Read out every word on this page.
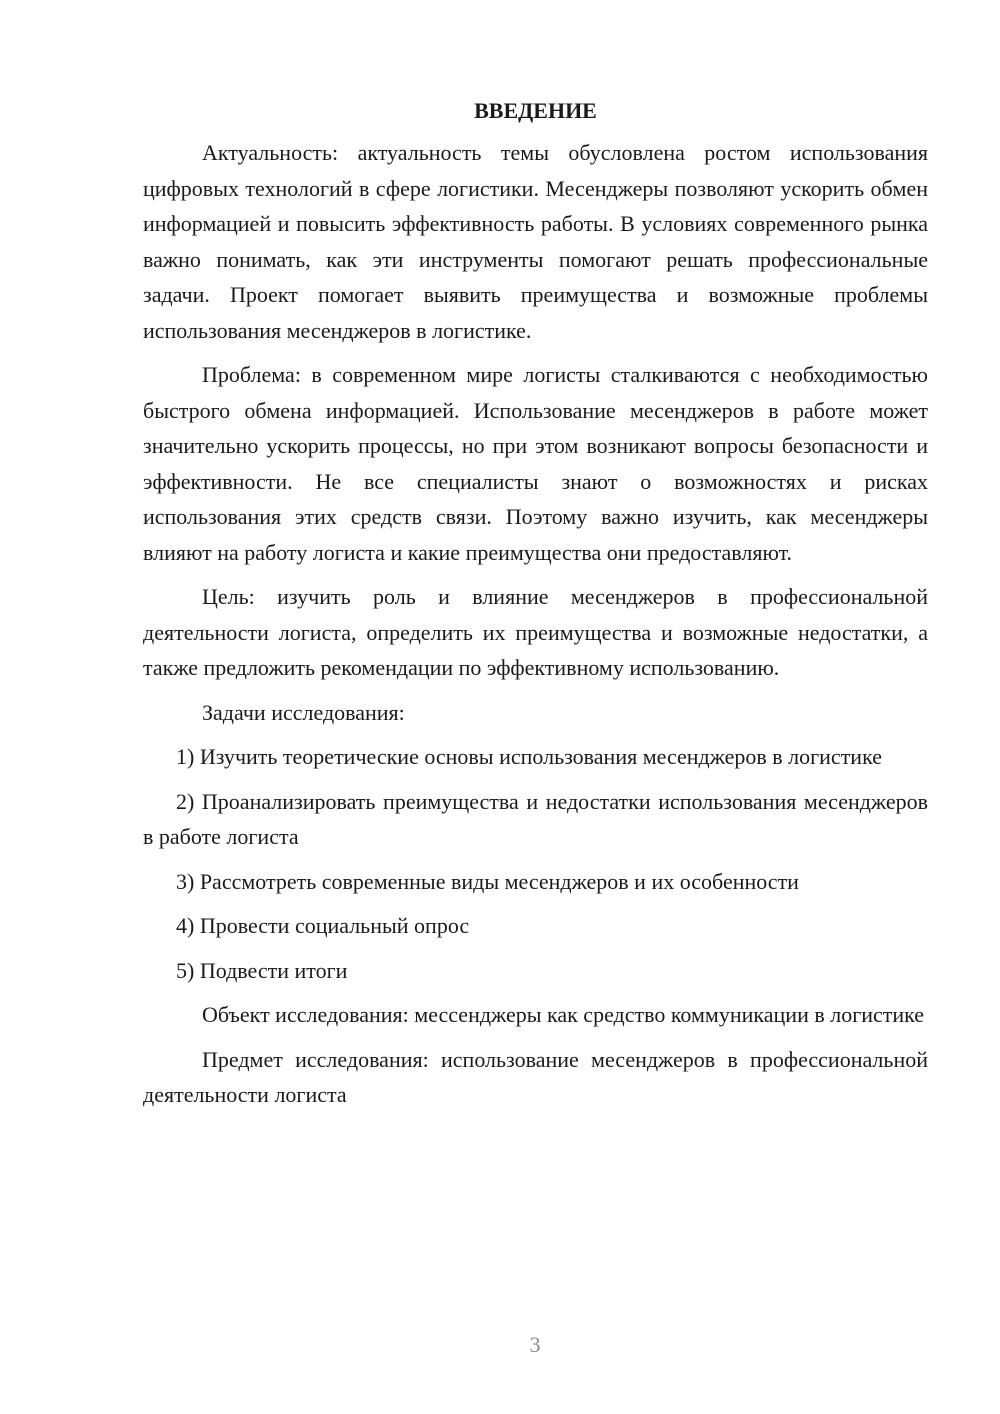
ВВЕДЕНИЕ

Актуальность: актуальность темы обусловлена ростом использования цифровых технологий в сфере логистики. Месенджеры позволяют ускорить обмен информацией и повысить эффективность работы. В условиях современного рынка важно понимать, как эти инструменты помогают решать профессиональные задачи. Проект помогает выявить преимущества и возможные проблемы использования месенджеров в логистике.

Проблема: в современном мире логисты сталкиваются с необходимостью быстрого обмена информацией. Использование месенджеров в работе может значительно ускорить процессы, но при этом возникают вопросы безопасности и эффективности. Не все специалисты знают о возможностях и рисках использования этих средств связи. Поэтому важно изучить, как месенджеры влияют на работу логиста и какие преимущества они предоставляют.

Цель: изучить роль и влияние месенджеров в профессиональной деятельности логиста, определить их преимущества и возможные недостатки, а также предложить рекомендации по эффективному использованию.

Задачи исследования:

1) Изучить теоретические основы использования месенджеров в логистике

2) Проанализировать преимущества и недостатки использования месенджеров в работе логиста

3) Рассмотреть современные виды месенджеров и их особенности

4) Провести социальный опрос

5) Подвести итоги

Объект исследования: мессенджеры как средство коммуникации в логистике

Предмет исследования: использование месенджеров в профессиональной деятельности логиста

3
